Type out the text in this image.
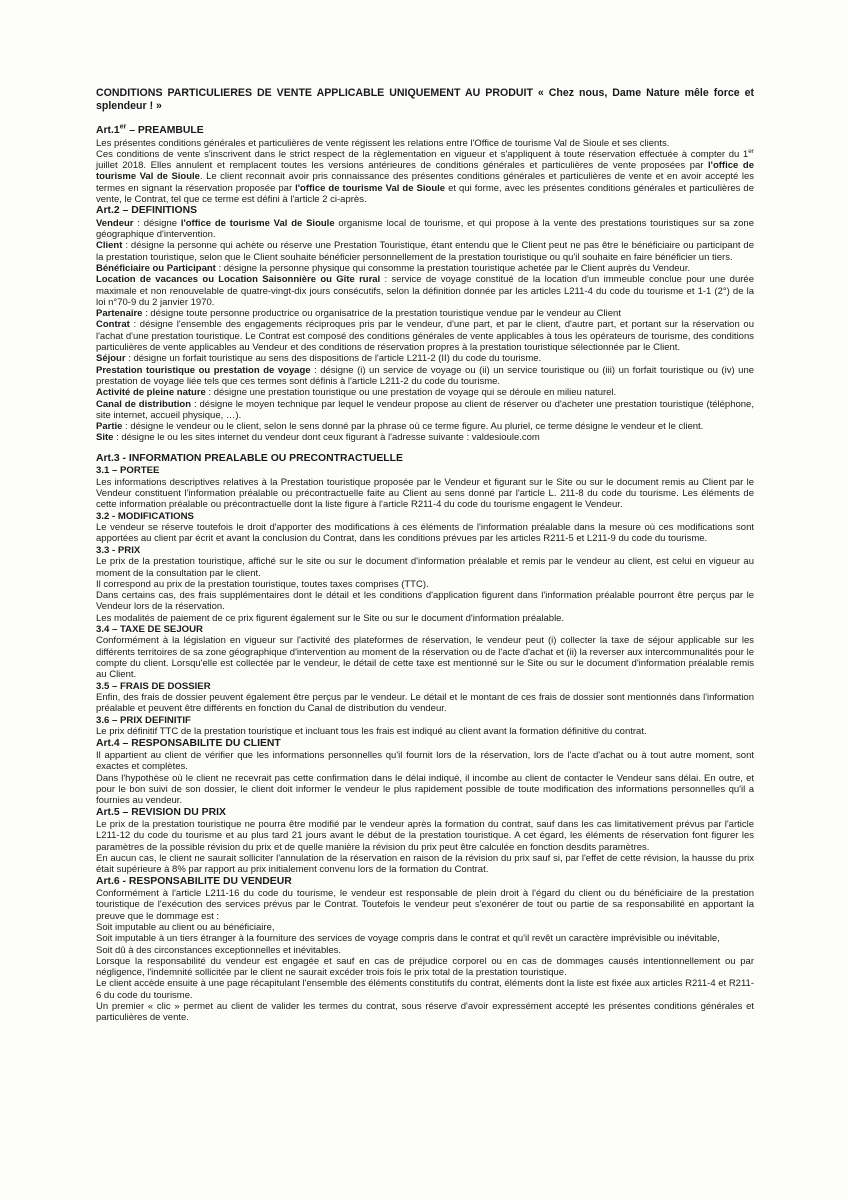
CONDITIONS PARTICULIERES DE VENTE APPLICABLE UNIQUEMENT AU PRODUIT « Chez nous, Dame Nature mêle force et splendeur ! »
Art.1er – PREAMBULE

Les présentes conditions générales et particulières de vente régissent les relations entre l'Office de tourisme Val de Sioule et ses clients.

Ces conditions de vente s'inscrivent dans le strict respect de la règlementation en vigueur et s'appliquent à toute réservation effectuée à compter du 1er juillet 2018. Elles annulent et remplacent toutes les versions antérieures de conditions générales et particulières de vente proposées par l'office de tourisme Val de Sioule. Le client reconnait avoir pris connaissance des présentes conditions générales et particulières de vente et en avoir accepté les termes en signant la réservation proposée par l'office de tourisme Val de Sioule et qui forme, avec les présentes conditions générales et particulières de vente, le Contrat, tel que ce terme est défini à l'article 2 ci-après.

Art.2 – DEFINITIONS

Vendeur : désigne l'office de tourisme Val de Sioule organisme local de tourisme, et qui propose à la vente des prestations touristiques sur sa zone géographique d'intervention.

Client : désigne la personne qui achète ou réserve une Prestation Touristique, étant entendu que le Client peut ne pas être le bénéficiaire ou participant de la prestation touristique, selon que le Client souhaite bénéficier personnellement de la prestation touristique ou qu'il souhaite en faire bénéficier un tiers.

Bénéficiaire ou Participant : désigne la personne physique qui consomme la prestation touristique achetée par le Client auprès du Vendeur.

Location de vacances ou Location Saisonnière ou Gîte rural : service de voyage constitué de la location d'un immeuble conclue pour une durée maximale et non renouvelable de quatre-vingt-dix jours consécutifs, selon la définition donnée par les articles L211-4 du code du tourisme et 1-1 (2°) de la loi n°70-9 du 2 janvier 1970.

Partenaire : désigne toute personne productrice ou organisatrice de la prestation touristique vendue par le vendeur au Client

Contrat : désigne l'ensemble des engagements réciproques pris par le vendeur, d'une part, et par le client, d'autre part, et portant sur la réservation ou l'achat d'une prestation touristique. Le Contrat est composé des conditions générales de vente applicables à tous les opérateurs de tourisme, des conditions particulières de vente applicables au Vendeur et des conditions de réservation propres à la prestation touristique sélectionnée par le Client.

Séjour : désigne un forfait touristique au sens des dispositions de l'article L211-2 (II) du code du tourisme.

Prestation touristique ou prestation de voyage : désigne (i) un service de voyage ou (ii) un service touristique ou (iii) un forfait touristique ou (iv) une prestation de voyage liée tels que ces termes sont définis à l'article L211-2 du code du tourisme.

Activité de pleine nature : désigne une prestation touristique ou une prestation de voyage qui se déroule en milieu naturel.

Canal de distribution : désigne le moyen technique par lequel le vendeur propose au client de réserver ou d'acheter une prestation touristique (téléphone, site internet, accueil physique, …).

Partie : désigne le vendeur ou le client, selon le sens donné par la phrase où ce terme figure. Au pluriel, ce terme désigne le vendeur et le client.

Site : désigne le ou les sites internet du vendeur dont ceux figurant à l'adresse suivante : valdesioule.com

Art.3 - INFORMATION PREALABLE OU PRECONTRACTUELLE
3.1 – PORTEE

Les informations descriptives relatives à la Prestation touristique proposée par le Vendeur et figurant sur le Site ou sur le document remis au Client par le Vendeur constituent l'information préalable ou précontractuelle faite au Client au sens donné par l'article L. 211-8 du code du tourisme. Les éléments de cette information préalable ou précontractuelle dont la liste figure à l'article R211-4 du code du tourisme engagent le Vendeur.

3.2 - MODIFICATIONS

Le vendeur se réserve toutefois le droit d'apporter des modifications à ces éléments de l'information préalable dans la mesure où ces modifications sont apportées au client par écrit et avant la conclusion du Contrat, dans les conditions prévues par les articles R211-5 et L211-9 du code du tourisme.

3.3 - PRIX

Le prix de la prestation touristique, affiché sur le site ou sur le document d'information préalable et remis par le vendeur au client, est celui en vigueur au moment de la consultation par le client.

Il correspond au prix de la prestation touristique, toutes taxes comprises (TTC).

Dans certains cas, des frais supplémentaires dont le détail et les conditions d'application figurent dans l'information préalable pourront être perçus par le Vendeur lors de la réservation.

Les modalités de paiement de ce prix figurent également sur le Site ou sur le document d'information préalable.

3.4 – TAXE DE SEJOUR

Conformément à la législation en vigueur sur l'activité des plateformes de réservation, le vendeur peut (i) collecter la taxe de séjour applicable sur les différents territoires de sa zone géographique d'intervention au moment de la réservation ou de l'acte d'achat et (ii) la reverser aux intercommunalités pour le compte du client. Lorsqu'elle est collectée par le vendeur, le détail de cette taxe est mentionné sur le Site ou sur le document d'information préalable remis au Client.

3.5 – FRAIS DE DOSSIER

Enfin, des frais de dossier peuvent également être perçus par le vendeur. Le détail et le montant de ces frais de dossier sont mentionnés dans l'information préalable et peuvent être différents en fonction du Canal de distribution du vendeur.

3.6 – PRIX DEFINITIF

Le prix définitif TTC de la prestation touristique et incluant tous les frais est indiqué au client avant la formation définitive du contrat.

Art.4 – RESPONSABILITE DU CLIENT

Il appartient au client de vérifier que les informations personnelles qu'il fournit lors de la réservation, lors de l'acte d'achat ou à tout autre moment, sont exactes et complètes.

Dans l'hypothèse où le client ne recevrait pas cette confirmation dans le délai indiqué, il incombe au client de contacter le Vendeur sans délai. En outre, et pour le bon suivi de son dossier, le client doit informer le vendeur le plus rapidement possible de toute modification des informations personnelles qu'il a fournies au vendeur.

Art.5 – REVISION DU PRIX

Le prix de la prestation touristique ne pourra être modifié par le vendeur après la formation du contrat, sauf dans les cas limitativement prévus par l'article L211-12 du code du tourisme et au plus tard 21 jours avant le début de la prestation touristique. A cet égard, les éléments de réservation font figurer les paramètres de la possible révision du prix et de quelle manière la révision du prix peut être calculée en fonction desdits paramètres.

En aucun cas, le client ne saurait solliciter l'annulation de la réservation en raison de la révision du prix sauf si, par l'effet de cette révision, la hausse du prix était supérieure à 8% par rapport au prix initialement convenu lors de la formation du Contrat.

Art.6 - RESPONSABILITE DU VENDEUR

Conformément à l'article L211-16 du code du tourisme, le vendeur est responsable de plein droit à l'égard du client ou du bénéficiaire de la prestation touristique de l'exécution des services prévus par le Contrat. Toutefois le vendeur peut s'exonérer de tout ou partie de sa responsabilité en apportant la preuve que le dommage est :

Soit imputable au client ou au bénéficiaire,

Soit imputable à un tiers étranger à la fourniture des services de voyage compris dans le contrat et qu'il revêt un caractère imprévisible ou inévitable,

Soit dû à des circonstances exceptionnelles et inévitables.

Lorsque la responsabilité du vendeur est engagée et sauf en cas de préjudice corporel ou en cas de dommages causés intentionnellement ou par négligence, l'indemnité sollicitée par le client ne saurait excéder trois fois le prix total de la prestation touristique.

Le client accède ensuite à une page récapitulant l'ensemble des éléments constitutifs du contrat, éléments dont la liste est fixée aux articles R211-4 et R211-6 du code du tourisme.

Un premier « clic » permet au client de valider les termes du contrat, sous réserve d'avoir expressément accepté les présentes conditions générales et particulières de vente.
